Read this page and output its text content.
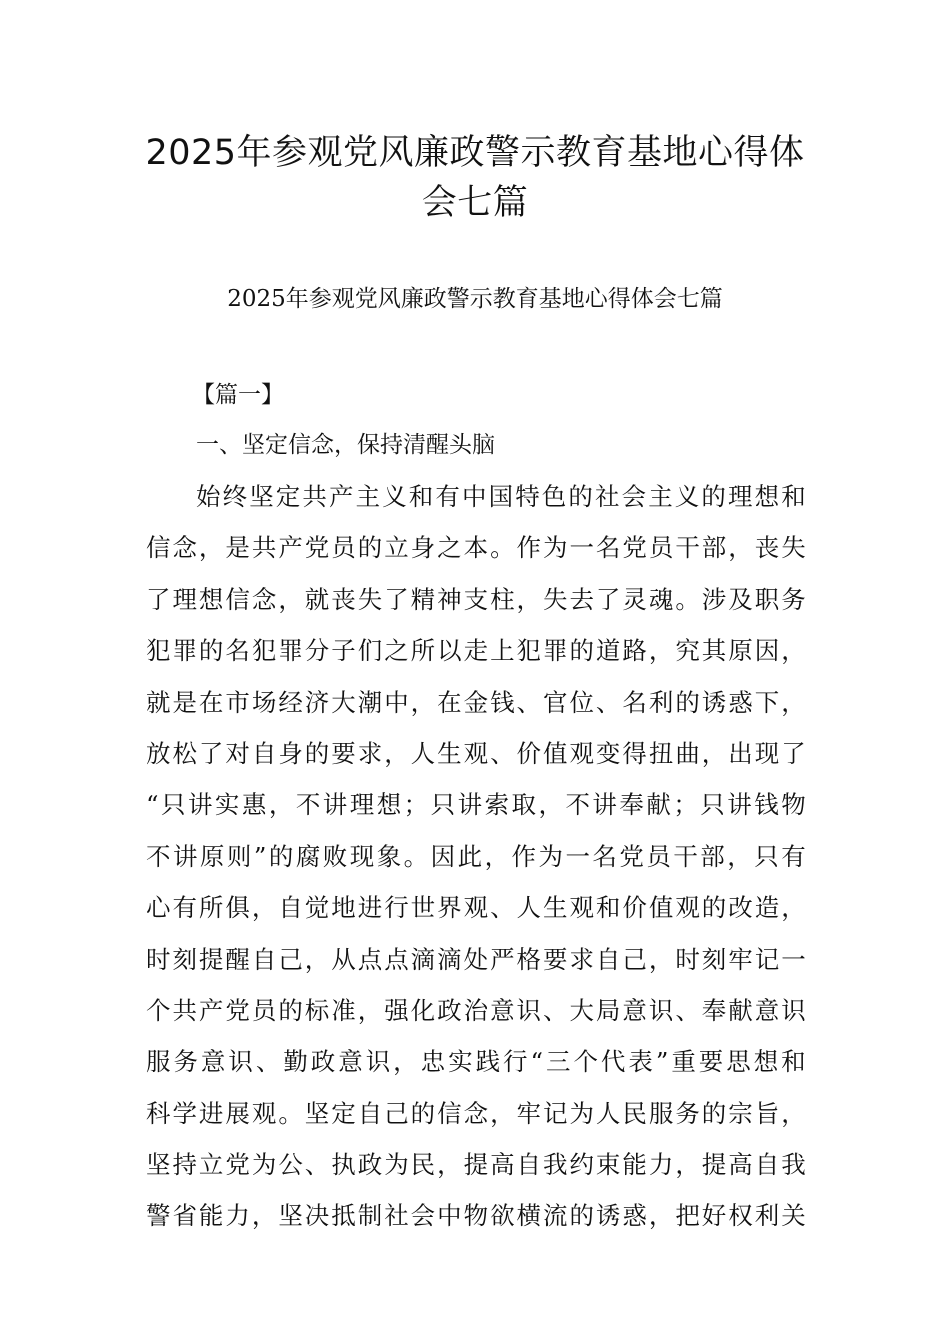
2025年参观党风廉政警示教育基地心得体
会七篇
2025年参观党风廉政警示教育基地心得体会七篇
【篇一】
一、坚定信念，保持清醒头脑
始终坚定共产主义和有中国特色的社会主义的理想和
信念，是共产党员的立身之本。作为一名党员干部，丧失
了理想信念，就丧失了精神支柱，失去了灵魂。涉及职务
犯罪的名犯罪分子们之所以走上犯罪的道路，究其原因，
就是在市场经济大潮中，在金钱、官位、名利的诱惑下，
放松了对自身的要求，人生观、价值观变得扭曲，出现了
“只讲实惠，不讲理想；只讲索取，不讲奉献；只讲钱物
不讲原则”的腐败现象。因此，作为一名党员干部，只有
心有所俱，自觉地进行世界观、人生观和价值观的改造，
时刻提醒自己，从点点滴滴处严格要求自己，时刻牢记一
个共产党员的标准，强化政治意识、大局意识、奉献意识
服务意识、勤政意识，忠实践行“三个代表”重要思想和
科学进展观。坚定自己的信念，牢记为人民服务的宗旨，
坚持立党为公、执政为民，提高自我约束能力，提高自我
警省能力，坚决抵制社会中物欲横流的诱惑，把好权利关
